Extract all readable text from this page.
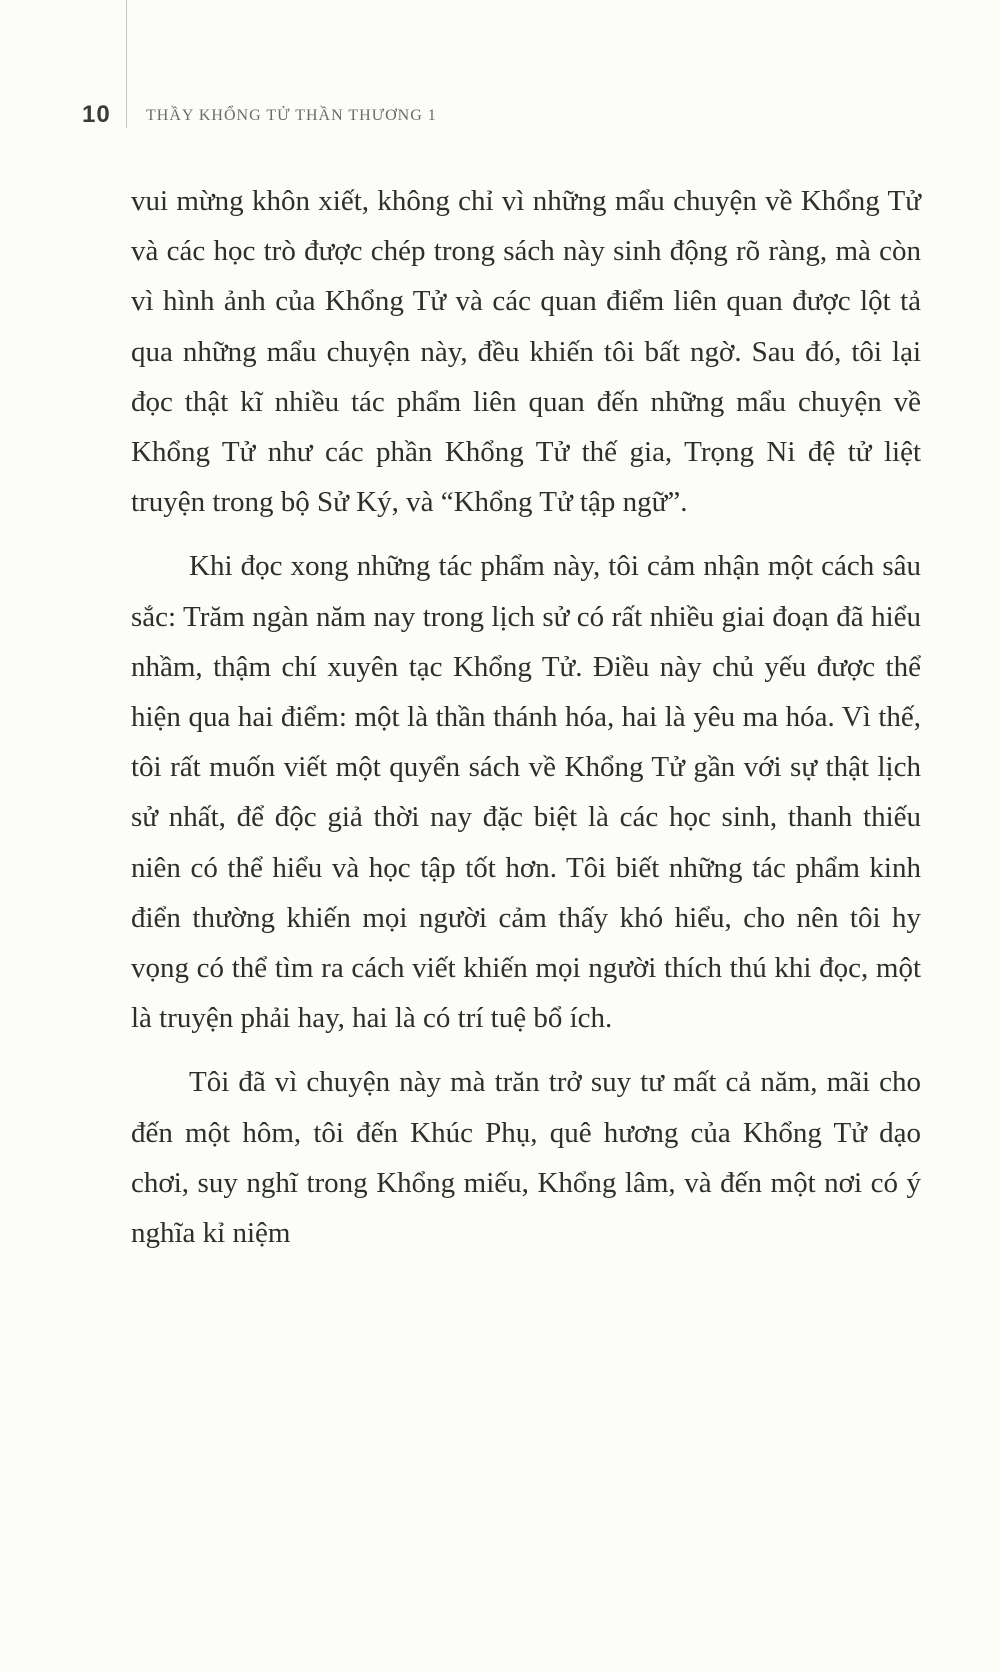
10 THẦY KHỔNG TỬ THẦN THƯƠNG 1

vui mừng khôn xiết, không chỉ vì những mẩu chuyện về Khổng Tử và các học trò được chép trong sách này sinh động rõ ràng, mà còn vì hình ảnh của Khổng Tử và các quan điểm liên quan được lột tả qua những mẩu chuyện này, đều khiến tôi bất ngờ. Sau đó, tôi lại đọc thật kĩ nhiều tác phẩm liên quan đến những mẩu chuyện về Khổng Tử như các phần Khổng Tử thế gia, Trọng Ni đệ tử liệt truyện trong bộ Sử Ký, và “Khổng Tử tập ngữ”.

Khi đọc xong những tác phẩm này, tôi cảm nhận một cách sâu sắc: Trăm ngàn năm nay trong lịch sử có rất nhiều giai đoạn đã hiểu nhầm, thậm chí xuyên tạc Khổng Tử. Điều này chủ yếu được thể hiện qua hai điểm: một là thần thánh hóa, hai là yêu ma hóa. Vì thế, tôi rất muốn viết một quyển sách về Khổng Tử gần với sự thật lịch sử nhất, để độc giả thời nay đặc biệt là các học sinh, thanh thiếu niên có thể hiểu và học tập tốt hơn. Tôi biết những tác phẩm kinh điển thường khiến mọi người cảm thấy khó hiểu, cho nên tôi hy vọng có thể tìm ra cách viết khiến mọi người thích thú khi đọc, một là truyện phải hay, hai là có trí tuệ bổ ích.

Tôi đã vì chuyện này mà trăn trở suy tư mất cả năm, mãi cho đến một hôm, tôi đến Khúc Phụ, quê hương của Khổng Tử dạo chơi, suy nghĩ trong Khổng miếu, Khổng lâm, và đến một nơi có ý nghĩa kỉ niệm
